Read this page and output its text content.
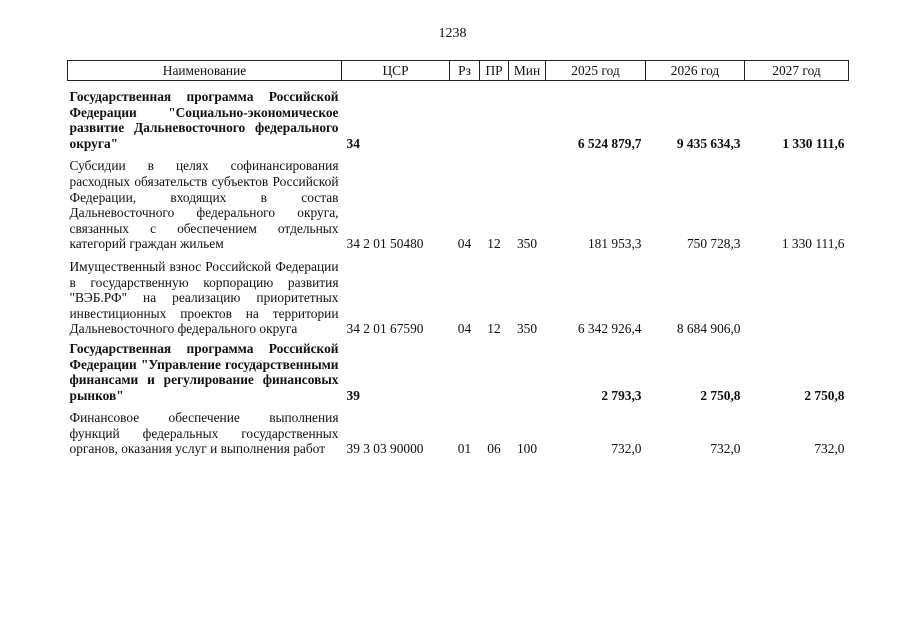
1238
Наименование	ЦСР	Рз	ПР	Мин	2025 год	2026 год	2027 год

Государственная программа Российской Федерации "Социально-экономическое развитие Дальневосточного федерального округа"	34				6 524 879,7	9 435 634,3	1 330 111,6

Субсидии в целях софинансирования расходных обязательств субъектов Российской Федерации, входящих в состав Дальневосточного федерального округа, связанных с обеспечением отдельных категорий граждан жильем	34 2 01 50480	04	12	350	181 953,3	750 728,3	1 330 111,6

Имущественный взнос Российской Федерации в государственную корпорацию развития "ВЭБ.РФ" на реализацию приоритетных инвестиционных проектов на территории Дальневосточного федерального округа	34 2 01 67590	04	12	350	6 342 926,4	8 684 906,0	

Государственная программа Российской Федерации "Управление государственными финансами и регулирование финансовых рынков"	39				2 793,3	2 750,8	2 750,8

Финансовое обеспечение выполнения функций федеральных государственных органов, оказания услуг и выполнения работ	39 3 03 90000	01	06	100	732,0	732,0	732,0
